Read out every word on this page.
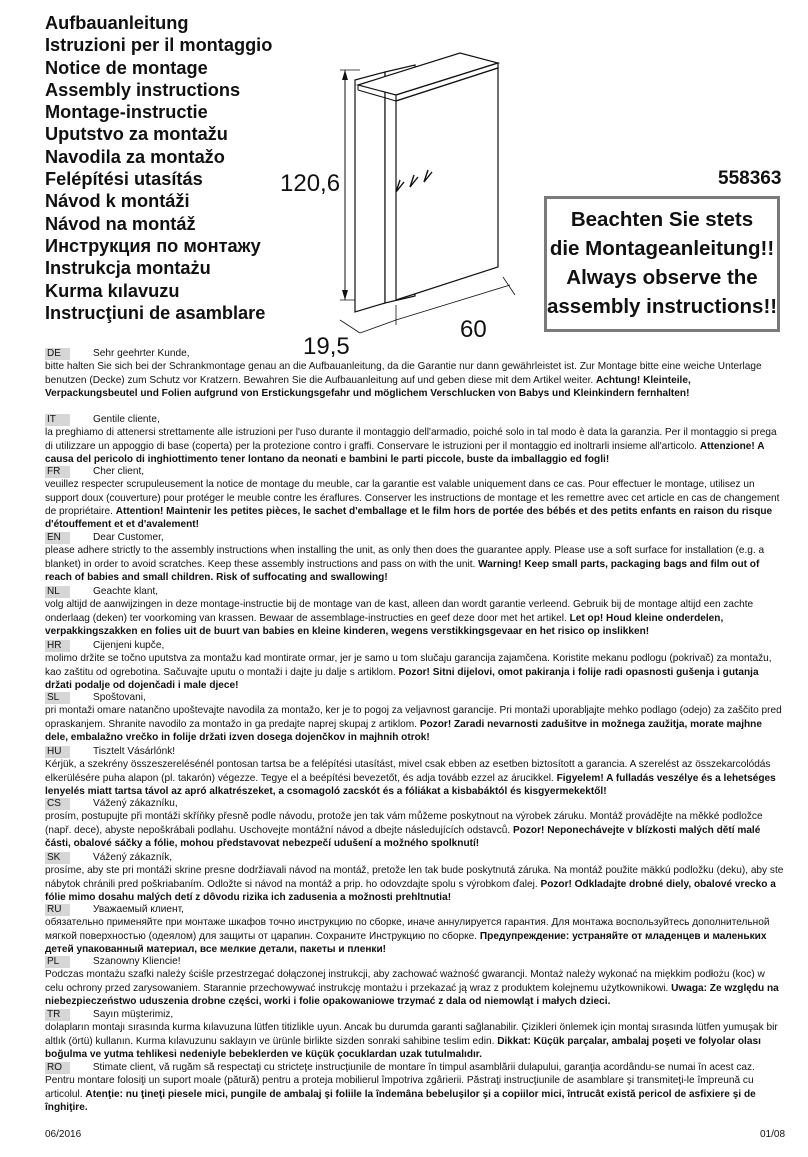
Aufbauanleitung
Istruzioni per il montaggio
Notice de montage
Assembly instructions
Montage-instructie
Uputstvo za montažu
Navodila za montažo
Felépítési utasítás
Návod k montáži
Návod na montáž
Инструкция по монтажу
Instrukcja montażu
Kurma kılavuzu
Instrucţiuni de asamblare
120,6
19,5
60
558363
Beachten Sie stets
die Montageanleitung!!
Always observe the
assembly instructions!!
DE	Sehr geehrter Kunde,
bitte halten Sie sich bei der Schrankmontage genau an die Aufbauanleitung, da die Garantie nur dann gewährleistet ist. Zur Montage bitte eine weiche Unterlage benutzen (Decke) zum Schutz vor Kratzern. Bewahren Sie die Aufbauanleitung auf und geben diese mit dem Artikel weiter. Achtung! Kleinteile, Verpackungsbeutel und Folien aufgrund von Erstickungsgefahr und möglichem Verschlucken von Babys und Kleinkindern fernhalten!
IT	Gentile cliente,
la preghiamo di attenersi strettamente alle istruzioni per l'uso durante il montaggio dell'armadio, poiché solo in tal modo è data la garanzia. Per il montaggio si prega di utilizzare un appoggio di base (coperta) per la protezione contro i graffi. Conservare le istruzioni per il montaggio ed inoltrarli insieme all'articolo. Attenzione! A causa del pericolo di inghiottimento tener lontano da neonati e bambini le parti piccole, buste da imballaggio ed fogli!
FR	Cher client,
veuillez respecter scrupuleusement la notice de montage du meuble, car la garantie est valable uniquement dans ce cas. Pour effectuer le montage, utilisez un support doux (couverture) pour protéger le meuble contre les éraflures. Conserver les instructions de montage et les remettre avec cet article en cas de changement de propriétaire. Attention! Maintenir les petites pièces, le sachet d'emballage et le film hors de portée des bébés et des petits enfants en raison du risque d'étouffement et et d'avalement!
EN	Dear Customer,
please adhere strictly to the assembly instructions when installing the unit, as only then does the guarantee apply. Please use a soft surface for installation (e.g. a blanket) in order to avoid scratches. Keep these assembly instructions and pass on with the unit. Warning! Keep small parts, packaging bags and film out of reach of babies and small children. Risk of suffocating and swallowing!
NL	Geachte klant,
volg altijd de aanwijzingen in deze montage-instructie bij de montage van de kast, alleen dan wordt garantie verleend. Gebruik bij de montage altijd een zachte onderlaag (deken) ter voorkoming van krassen. Bewaar de assemblage-instructies en geef deze door met het artikel. Let op! Houd kleine onderdelen, verpakkingszakken en folies uit de buurt van babies en kleine kinderen, wegens verstikkingsgevaar en het risico op inslikken!
HR	Cijenjeni kupče,
molimo držite se točno uputstva za montažu kad montirate ormar, jer je samo u tom slučaju garancija zajamčena. Koristite mekanu podlogu (pokrivač) za montažu, kao zaštitu od ogrebotina. Sačuvajte uputu o montaži i dajte ju dalje s artiklom. Pozor! Sitni dijelovi, omot pakiranja i folije radi opasnosti gušenja i gutanja držati podalje od dojenčadi i male djece!
SL	Spoštovani,
pri montaži omare natančno upoštevajte navodila za montažo, ker je to pogoj za veljavnost garancije. Pri montaži uporabljajte mehko podlago (odejo) za zaščito pred opraskanjem. Shranite navodilo za montažo in ga predajte naprej skupaj z artiklom. Pozor! Zaradi nevarnosti zadušitve in možnega zaužitja, morate majhne dele, embalažno vrečko in folije držati izven dosega dojenčkov in majhnih otrok!
HU	Tisztelt Vásárlónk!
Kérjük, a szekrény összeszerelésénél pontosan tartsa be a felépítési utasítást, mivel csak ebben az esetben biztosított a garancia. A szerelést az összekarcolódás elkerülésére puha alapon (pl. takarón) végezze. Tegye el a beépítési bevezetőt, és adja tovább ezzel az árucikkel. Figyelem! A fulladás veszélye és a lehetséges lenyelés miatt tartsa távol az apró alkatrészeket, a csomagoló zacskót és a fóliákat a kisbabáktól és kisgyermekektől!
CS	Vážený zákazníku,
prosím, postupujte při montáži skříňky přesně podle návodu, protože jen tak vám můžeme poskytnout na výrobek záruku. Montáž provádějte na měkké podložce (např. dece), abyste nepoškrábali podlahu. Uschovejte montážní návod a dbejte následujících odstavců. Pozor! Neponechávejte v blízkosti malých dětí malé části, obalové sáčky a fólie, mohou představovat nebezpečí udušení a možného spolknutí!
SK	Vážený zákazník,
prosíme, aby ste pri montáži skrine presne dodržiavali návod na montáž, pretože len tak bude poskytnutá záruka. Na montáž použite mäkkú podložku (deku), aby ste nábytok chránili pred poškriabaním. Odložte si návod na montáž a prip. ho odovzdajte spolu s výrobkom ďalej. Pozor! Odkladajte drobné diely, obalové vrecko a fólie mimo dosahu malých detí z dôvodu rizika ich zadusenia a možnosti prehltnutia!
RU	Уважаемый клиент,
обязательно применяйте при монтаже шкафов точно инструкцию по сборке, иначе аннулируется гарантия. Для монтажа воспользуйтесь дополнительной мягкой поверхностью (одеялом) для защиты от царапин. Сохраните Инструкцию по сборке. Предупреждение: устраняйте от младенцев и маленьких детей упакованный материал, все мелкие детали, пакеты и пленки!
PL	Szanowny Kliencie!
Podczas montażu szafki należy ściśle przestrzegać dołączonej instrukcji, aby zachować ważność gwarancji. Montaż należy wykonać na miękkim podłożu (koc) w celu ochrony przed zarysowaniem. Starannie przechowywać instrukcję montażu i przekazać ją wraz z produktem kolejnemu użytkownikowi. Uwaga: Ze względu na niebezpieczeństwo uduszenia drobne części, worki i folie opakowaniowe trzymać z dala od niemowląt i małych dzieci.
TR	Sayın müşterimiz,
dolapların montajı sırasında kurma kılavuzuna lütfen titizlikle uyun. Ancak bu durumda garanti sağlanabilir. Çizikleri önlemek için montaj sırasında lütfen yumuşak bir altlık (örtü) kullanın. Kurma kılavuzunu saklayın ve ürünle birlikte sizden sonraki sahibine teslim edin. Dikkat: Küçük parçalar, ambalaj poşeti ve folyolar olası boğulma ve yutma tehlikesi nedeniyle bebeklerden ve küçük çocuklardan uzak tutulmalıdır.
RO	Stimate client, vă rugăm să respectaţi cu stricteţe instrucţiunile de montare în timpul asamblării dulapului, garanţia acordându-se numai în acest caz. Pentru montare folosiţi un suport moale (pătură) pentru a proteja mobilierul împotriva zgârierii. Păstraţi instrucţiunile de asamblare şi transmiteţi-le împreună cu articolul. Atenţie: nu ţineţi piesele mici, pungile de ambalaj şi foliile la îndemâna bebeluşilor şi a copiilor mici, întrucât există pericol de asfixiere şi de înghiţire.
06/2016	01/08
